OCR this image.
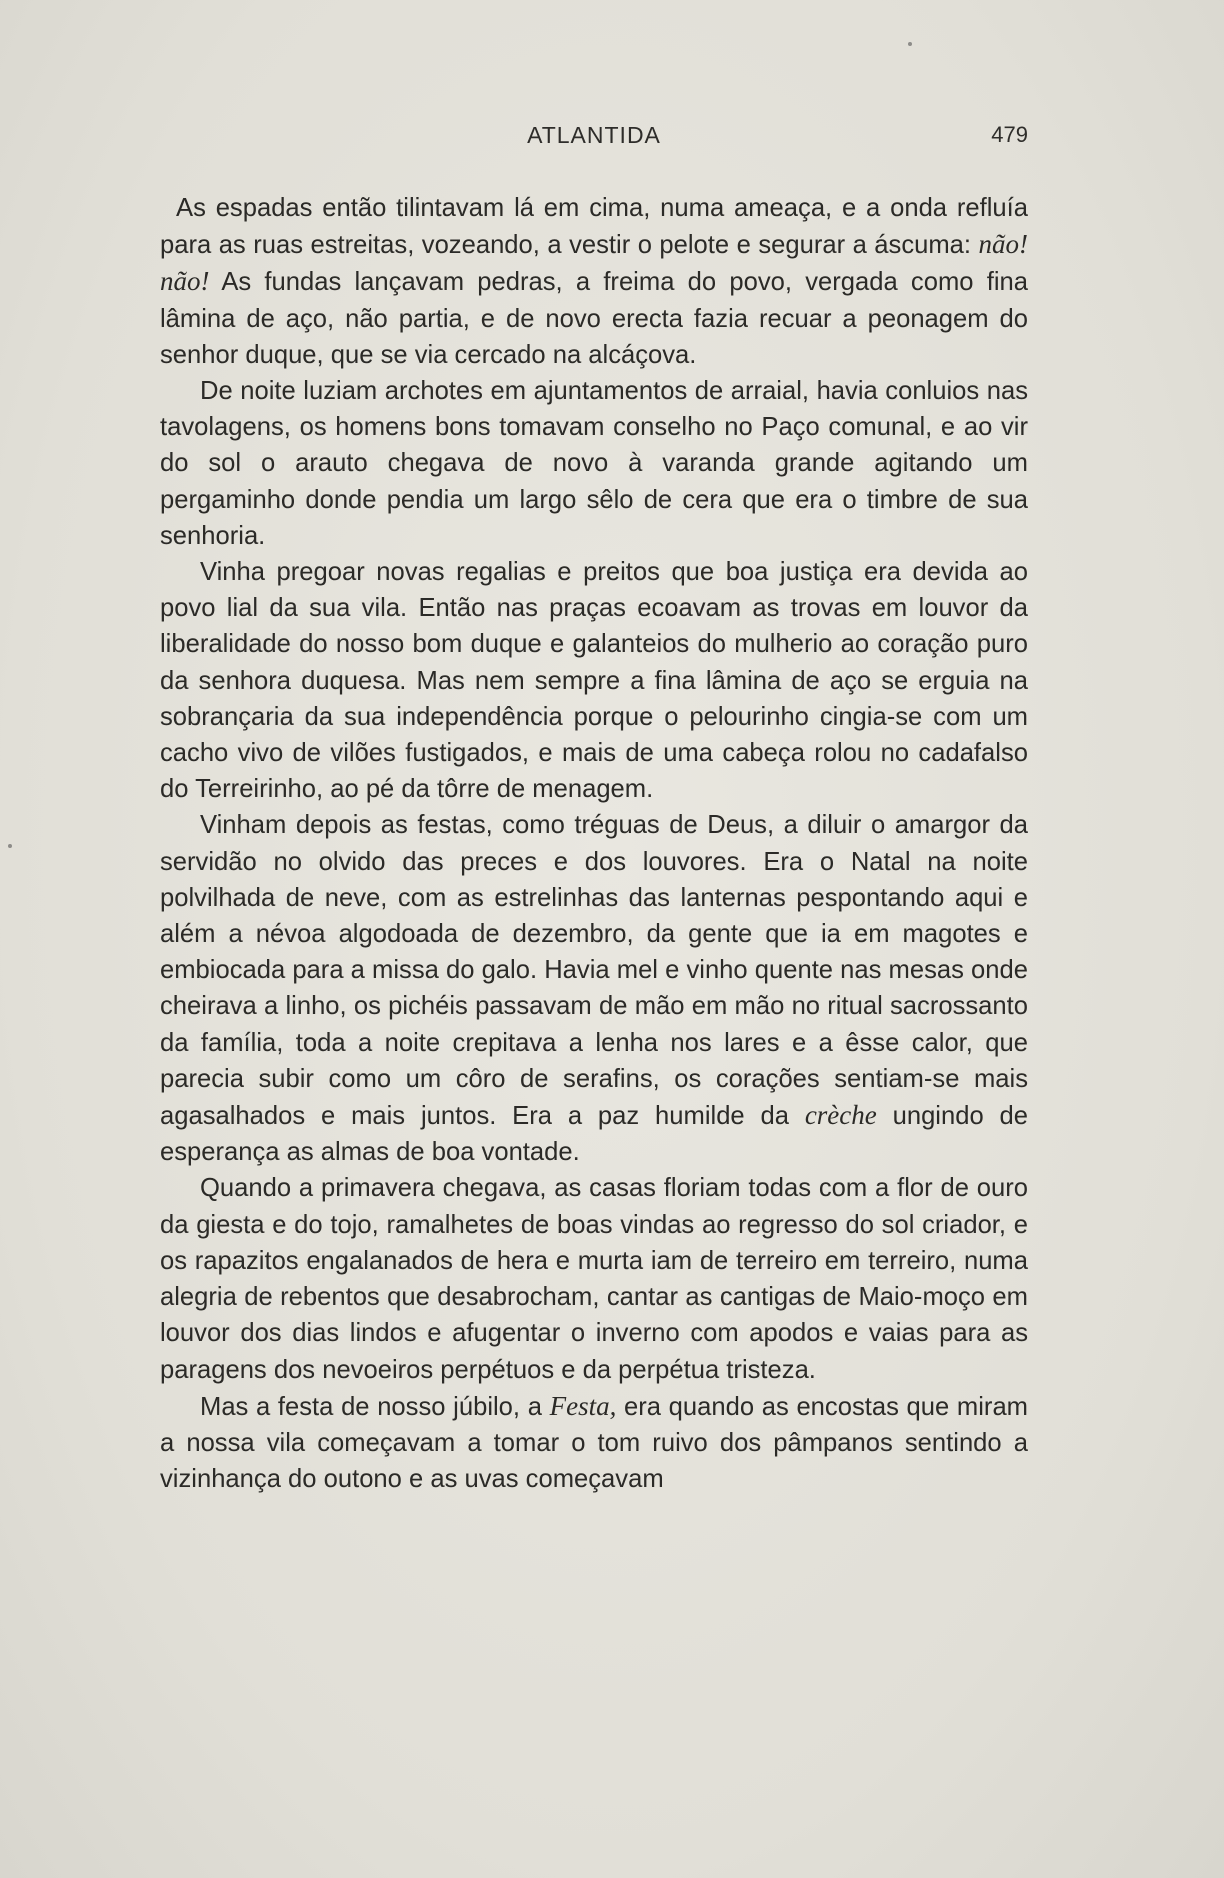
ATLANTIDA	479

As espadas então tilintavam lá em cima, numa ameaça, e a onda refluía para as ruas estreitas, vozeando, a vestir o pelote e segurar a áscuma: não! não! As fundas lançavam pedras, a freima do povo, vergada como fina lâmina de aço, não partia, e de novo erecta fazia recuar a peonagem do senhor duque, que se via cercado na alcáçova.

De noite luziam archotes em ajuntamentos de arraial, havia conluios nas tavolagens, os homens bons tomavam conselho no Paço comunal, e ao vir do sol o arauto chegava de novo à varanda grande agitando um pergaminho donde pendia um largo sêlo de cera que era o timbre de sua senhoria.

Vinha pregoar novas regalias e preitos que boa justiça era devida ao povo lial da sua vila. Então nas praças ecoavam as trovas em louvor da liberalidade do nosso bom duque e galanteios do mulherio ao coração puro da senhora duquesa. Mas nem sempre a fina lâmina de aço se erguia na sobrançaria da sua independência porque o pelourinho cingia-se com um cacho vivo de vilões fustigados, e mais de uma cabeça rolou no cadafalso do Terreirinho, ao pé da tôrre de menagem.

Vinham depois as festas, como tréguas de Deus, a diluir o amargor da servidão no olvido das preces e dos louvores. Era o Natal na noite polvilhada de neve, com as estrelinhas das lanternas pespontando aqui e além a névoa algodoada de dezembro, da gente que ia em magotes e embiocada para a missa do galo. Havia mel e vinho quente nas mesas onde cheirava a linho, os pichéis passavam de mão em mão no ritual sacrossanto da família, toda a noite crepitava a lenha nos lares e a êsse calor, que parecia subir como um côro de serafins, os corações sentiam-se mais agasalhados e mais juntos. Era a paz humilde da crèche ungindo de esperança as almas de boa vontade.

Quando a primavera chegava, as casas floriam todas com a flor de ouro da giesta e do tojo, ramalhetes de boas vindas ao regresso do sol criador, e os rapazitos engalanados de hera e murta iam de terreiro em terreiro, numa alegria de rebentos que desabrocham, cantar as cantigas de Maio-moço em louvor dos dias lindos e afugentar o inverno com apodos e vaias para as paragens dos nevoeiros perpétuos e da perpétua tristeza.

Mas a festa de nosso júbilo, a Festa, era quando as encostas que miram a nossa vila começavam a tomar o tom ruivo dos pâmpanos sentindo a vizinhança do outono e as uvas começavam
